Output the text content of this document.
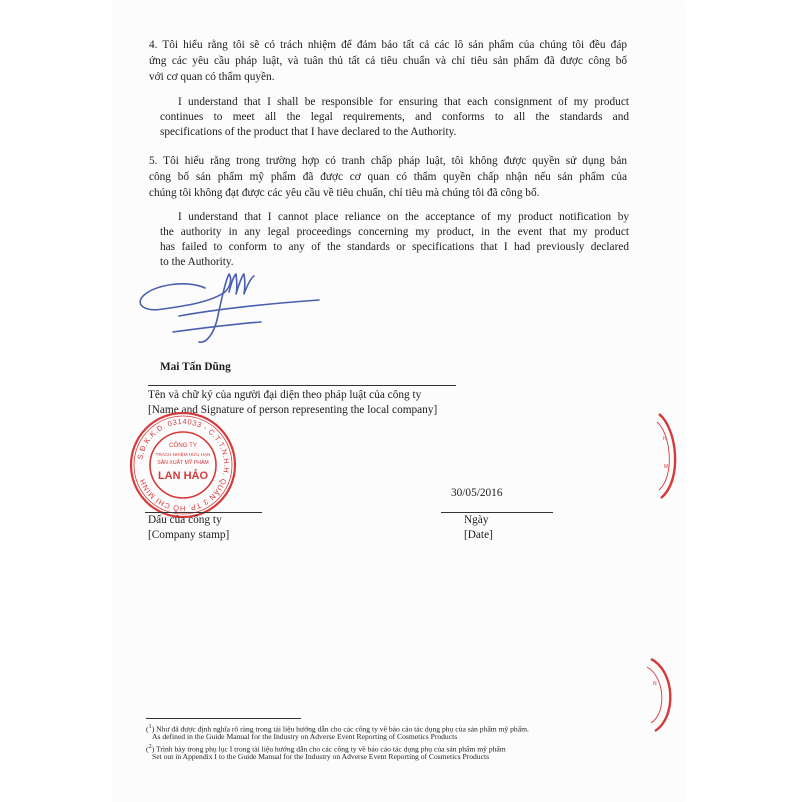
4. Tôi hiểu rằng tôi sẽ có trách nhiệm để đảm bảo tất cả các lô sản phẩm của chúng tôi đều đáp
ứng các yêu cầu pháp luật, và tuân thủ tất cả tiêu chuẩn và chỉ tiêu sản phẩm đã được công bố
với cơ quan có thẩm quyền.
I understand that I shall be responsible for ensuring that each consignment of my product
continues to meet all the legal requirements, and conforms to all the standards and
specifications of the product that I have declared to the Authority.
5. Tôi hiểu rằng trong trường hợp có tranh chấp pháp luật, tôi không được quyền sử dụng bản
công bố sản phẩm mỹ phẩm đã được cơ quan có thẩm quyền chấp nhận nếu sản phẩm của
chúng tôi không đạt được các yêu cầu về tiêu chuẩn, chỉ tiêu mà chúng tôi đã công bố.
I understand that I cannot place reliance on the acceptance of my product notification by
the authority in any legal proceedings concerning my product, in the event that my product
has failed to conform to any of the standards or specifications that I had previously declared
to the Authority.
Mai Tấn Dũng
Tên và chữ ký của người đại diện theo pháp luật của công ty
[Name and Signature of person representing the local company]
S.Đ.K.K.D. 0314033 - C.T.T.N.H.H. QUẬN 3 TP. HỒ CHÍ MINH
CÔNG TY
TRÁCH NHIỆM HỮU HẠN
SẢN XUẤT MỸ PHẨM
LAN HẢO
30/05/2016
Dấu của công ty
[Company stamp]
Ngày
[Date]
($^1$) Như đã được định nghĩa rõ ràng trong tài liệu hướng dẫn cho các công ty về báo cáo tác dụng phụ của sản phẩm mỹ phẩm.
As defined in the Guide Manual for the Industry on Adverse Event Reporting of Cosmetics Products
($^2$) Trình bày trong phụ lục I trong tài liệu hướng dẫn cho các công ty về báo cáo tác dụng phụ của sản phẩm mỹ phẩm
Set out in Appendix I to the Guide Manual for the Industry on Adverse Event Reporting of Cosmetics Products
H
M
N
